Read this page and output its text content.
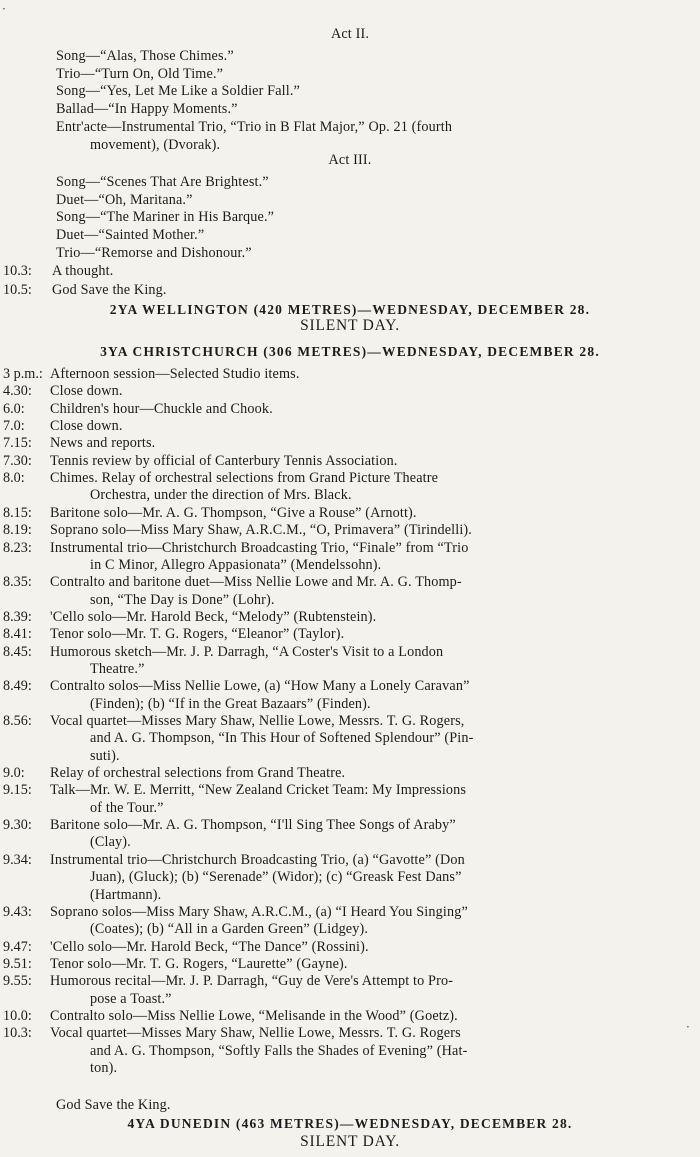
Act II.
Song—“Alas, Those Chimes.”
Trio—“Turn On, Old Time.”
Song—“Yes, Let Me Like a Soldier Fall.”
Ballad—“In Happy Moments.”
Entr'acte—Instrumental Trio, “Trio in B Flat Major,” Op. 21 (fourth
movement), (Dvorak).
Act III.
Song—“Scenes That Are Brightest.”
Duet—“Oh, Maritana.”
Song—“The Mariner in His Barque.”
Duet—“Sainted Mother.”
Trio—“Remorse and Dishonour.”
10.3: A thought.
10.5: God Save the King.
2YA WELLINGTON (420 METRES)—WEDNESDAY, DECEMBER 28.
SILENT DAY.
3YA CHRISTCHURCH (306 METRES)—WEDNESDAY, DECEMBER 28.
3 p.m.: Afternoon session—Selected Studio items.
4.30: Close down.
6.0: Children's hour—Chuckle and Chook.
7.0: Close down.
7.15: News and reports.
7.30: Tennis review by official of Canterbury Tennis Association.
8.0: Chimes. Relay of orchestral selections from Grand Picture Theatre
Orchestra, under the direction of Mrs. Black.
8.15: Baritone solo—Mr. A. G. Thompson, “Give a Rouse” (Arnott).
8.19: Soprano solo—Miss Mary Shaw, A.R.C.M., “O, Primavera” (Tirindelli).
8.23: Instrumental trio—Christchurch Broadcasting Trio, “Finale” from “Trio
in C Minor, Allegro Appasionata” (Mendelssohn).
8.35: Contralto and baritone duet—Miss Nellie Lowe and Mr. A. G. Thomp-
son, “The Day is Done” (Lohr).
8.39: 'Cello solo—Mr. Harold Beck, “Melody” (Rubtenstein).
8.41: Tenor solo—Mr. T. G. Rogers, “Eleanor” (Taylor).
8.45: Humorous sketch—Mr. J. P. Darragh, “A Coster's Visit to a London
Theatre.”
8.49: Contralto solos—Miss Nellie Lowe, (a) “How Many a Lonely Caravan”
(Finden); (b) “If in the Great Bazaars” (Finden).
8.56: Vocal quartet—Misses Mary Shaw, Nellie Lowe, Messrs. T. G. Rogers,
and A. G. Thompson, “In This Hour of Softened Splendour” (Pin-
suti).
9.0: Relay of orchestral selections from Grand Theatre.
9.15: Talk—Mr. W. E. Merritt, “New Zealand Cricket Team: My Impressions
of the Tour.”
9.30: Baritone solo—Mr. A. G. Thompson, “I'll Sing Thee Songs of Araby”
(Clay).
9.34: Instrumental trio—Christchurch Broadcasting Trio, (a) “Gavotte” (Don
Juan), (Gluck); (b) “Serenade” (Widor); (c) “Greask Fest Dans”
(Hartmann).
9.43: Soprano solos—Miss Mary Shaw, A.R.C.M., (a) “I Heard You Singing”
(Coates); (b) “All in a Garden Green” (Lidgey).
9.47: 'Cello solo—Mr. Harold Beck, “The Dance” (Rossini).
9.51: Tenor solo—Mr. T. G. Rogers, “Laurette” (Gayne).
9.55: Humorous recital—Mr. J. P. Darragh, “Guy de Vere's Attempt to Pro-
pose a Toast.”
10.0: Contralto solo—Miss Nellie Lowe, “Melisande in the Wood” (Goetz).
10.3: Vocal quartet—Misses Mary Shaw, Nellie Lowe, Messrs. T. G. Rogers
and A. G. Thompson, “Softly Falls the Shades of Evening” (Hat-
ton).
God Save the King.
4YA DUNEDIN (463 METRES)—WEDNESDAY, DECEMBER 28.
SILENT DAY.
·
·
